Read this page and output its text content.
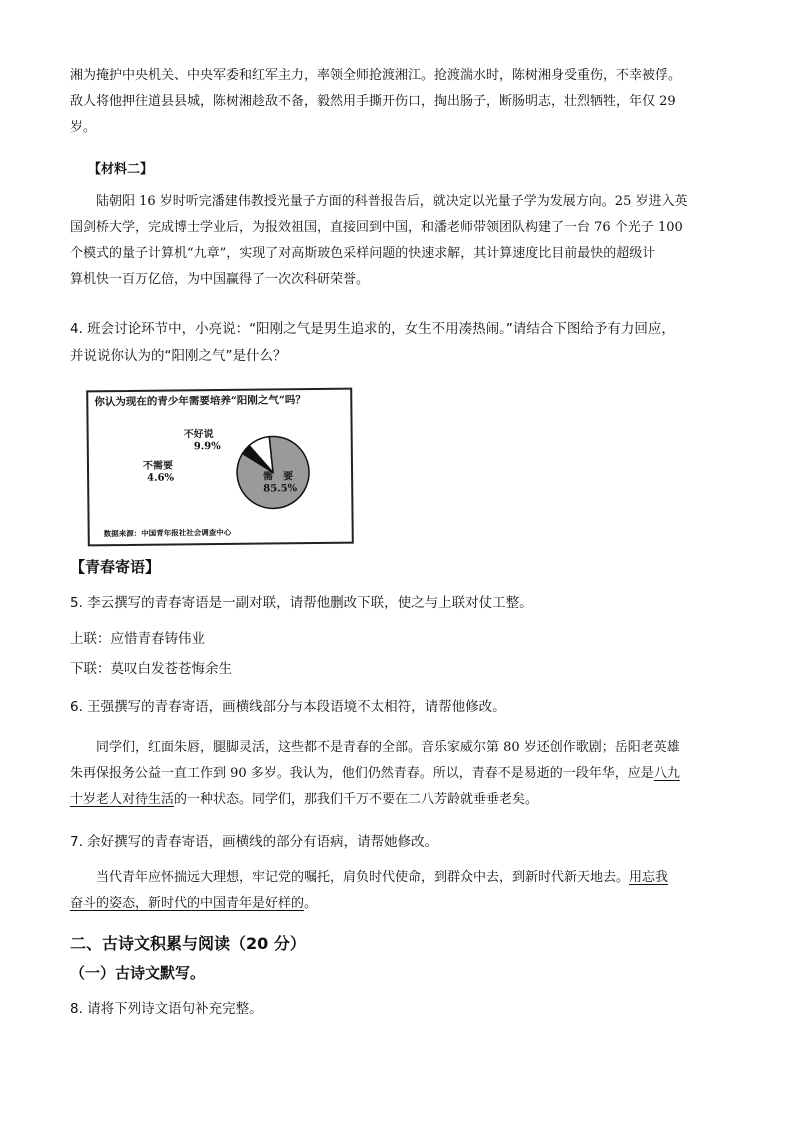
湘为掩护中央机关、中央军委和红军主力，率领全师抢渡湘江。抢渡湍水时，陈树湘身受重伤，不幸被俘。

敌人将他押往道县县城，陈树湘趁敌不备，毅然用手撕开伤口，掏出肠子，断肠明志，壮烈牺牲，年仅 29

岁。

【材料二】

陆朝阳 16 岁时听完潘建伟教授光量子方面的科普报告后，就决定以光量子学为发展方向。25 岁进入英

国剑桥大学，完成博士学业后，为报效祖国，直接回到中国，和潘老师带领团队构建了一台 76 个光子 100

个模式的量子计算机“九章”，实现了对高斯玻色采样问题的快速求解，其计算速度比目前最快的超级计

算机快一百万亿倍，为中国赢得了一次次科研荣誉。

4. 班会讨论环节中，小亮说：“阳刚之气是男生追求的，女生不用凑热闹。”请结合下图给予有力回应，

并说说你认为的“阳刚之气”是什么？

你认为现在的青少年需要培养“阳刚之气”吗？
不好说
9.9%
不需要
4.6%	需　要
85.5%
数据来源：中国青年报社社会调查中心
【青春寄语】
5. 李云撰写的青春寄语是一副对联，请帮他删改下联，使之与上联对仗工整。
上联：应惜青春铸伟业
下联：莫叹白发苍苍悔余生
6. 王强撰写的青春寄语，画横线部分与本段语境不太相符，请帮他修改。

同学们，红面朱唇，腿脚灵活，这些都不是青春的全部。音乐家威尔第 80 岁还创作歌剧；岳阳老英雄

朱再保报务公益一直工作到 90 多岁。我认为，他们仍然青春。所以，青春不是易逝的一段年华，应是八九

十岁老人对待生活的一种状态。同学们，那我们千万不要在二八芳龄就垂垂老矣。

7. 余好撰写的青春寄语，画横线的部分有语病，请帮她修改。

当代青年应怀揣远大理想，牢记党的嘱托，肩负时代使命，到群众中去，到新时代新天地去。用忘我

奋斗的姿态，新时代的中国青年是好样的。

二、古诗文积累与阅读（20 分）
（一）古诗文默写。
8. 请将下列诗文语句补充完整。
